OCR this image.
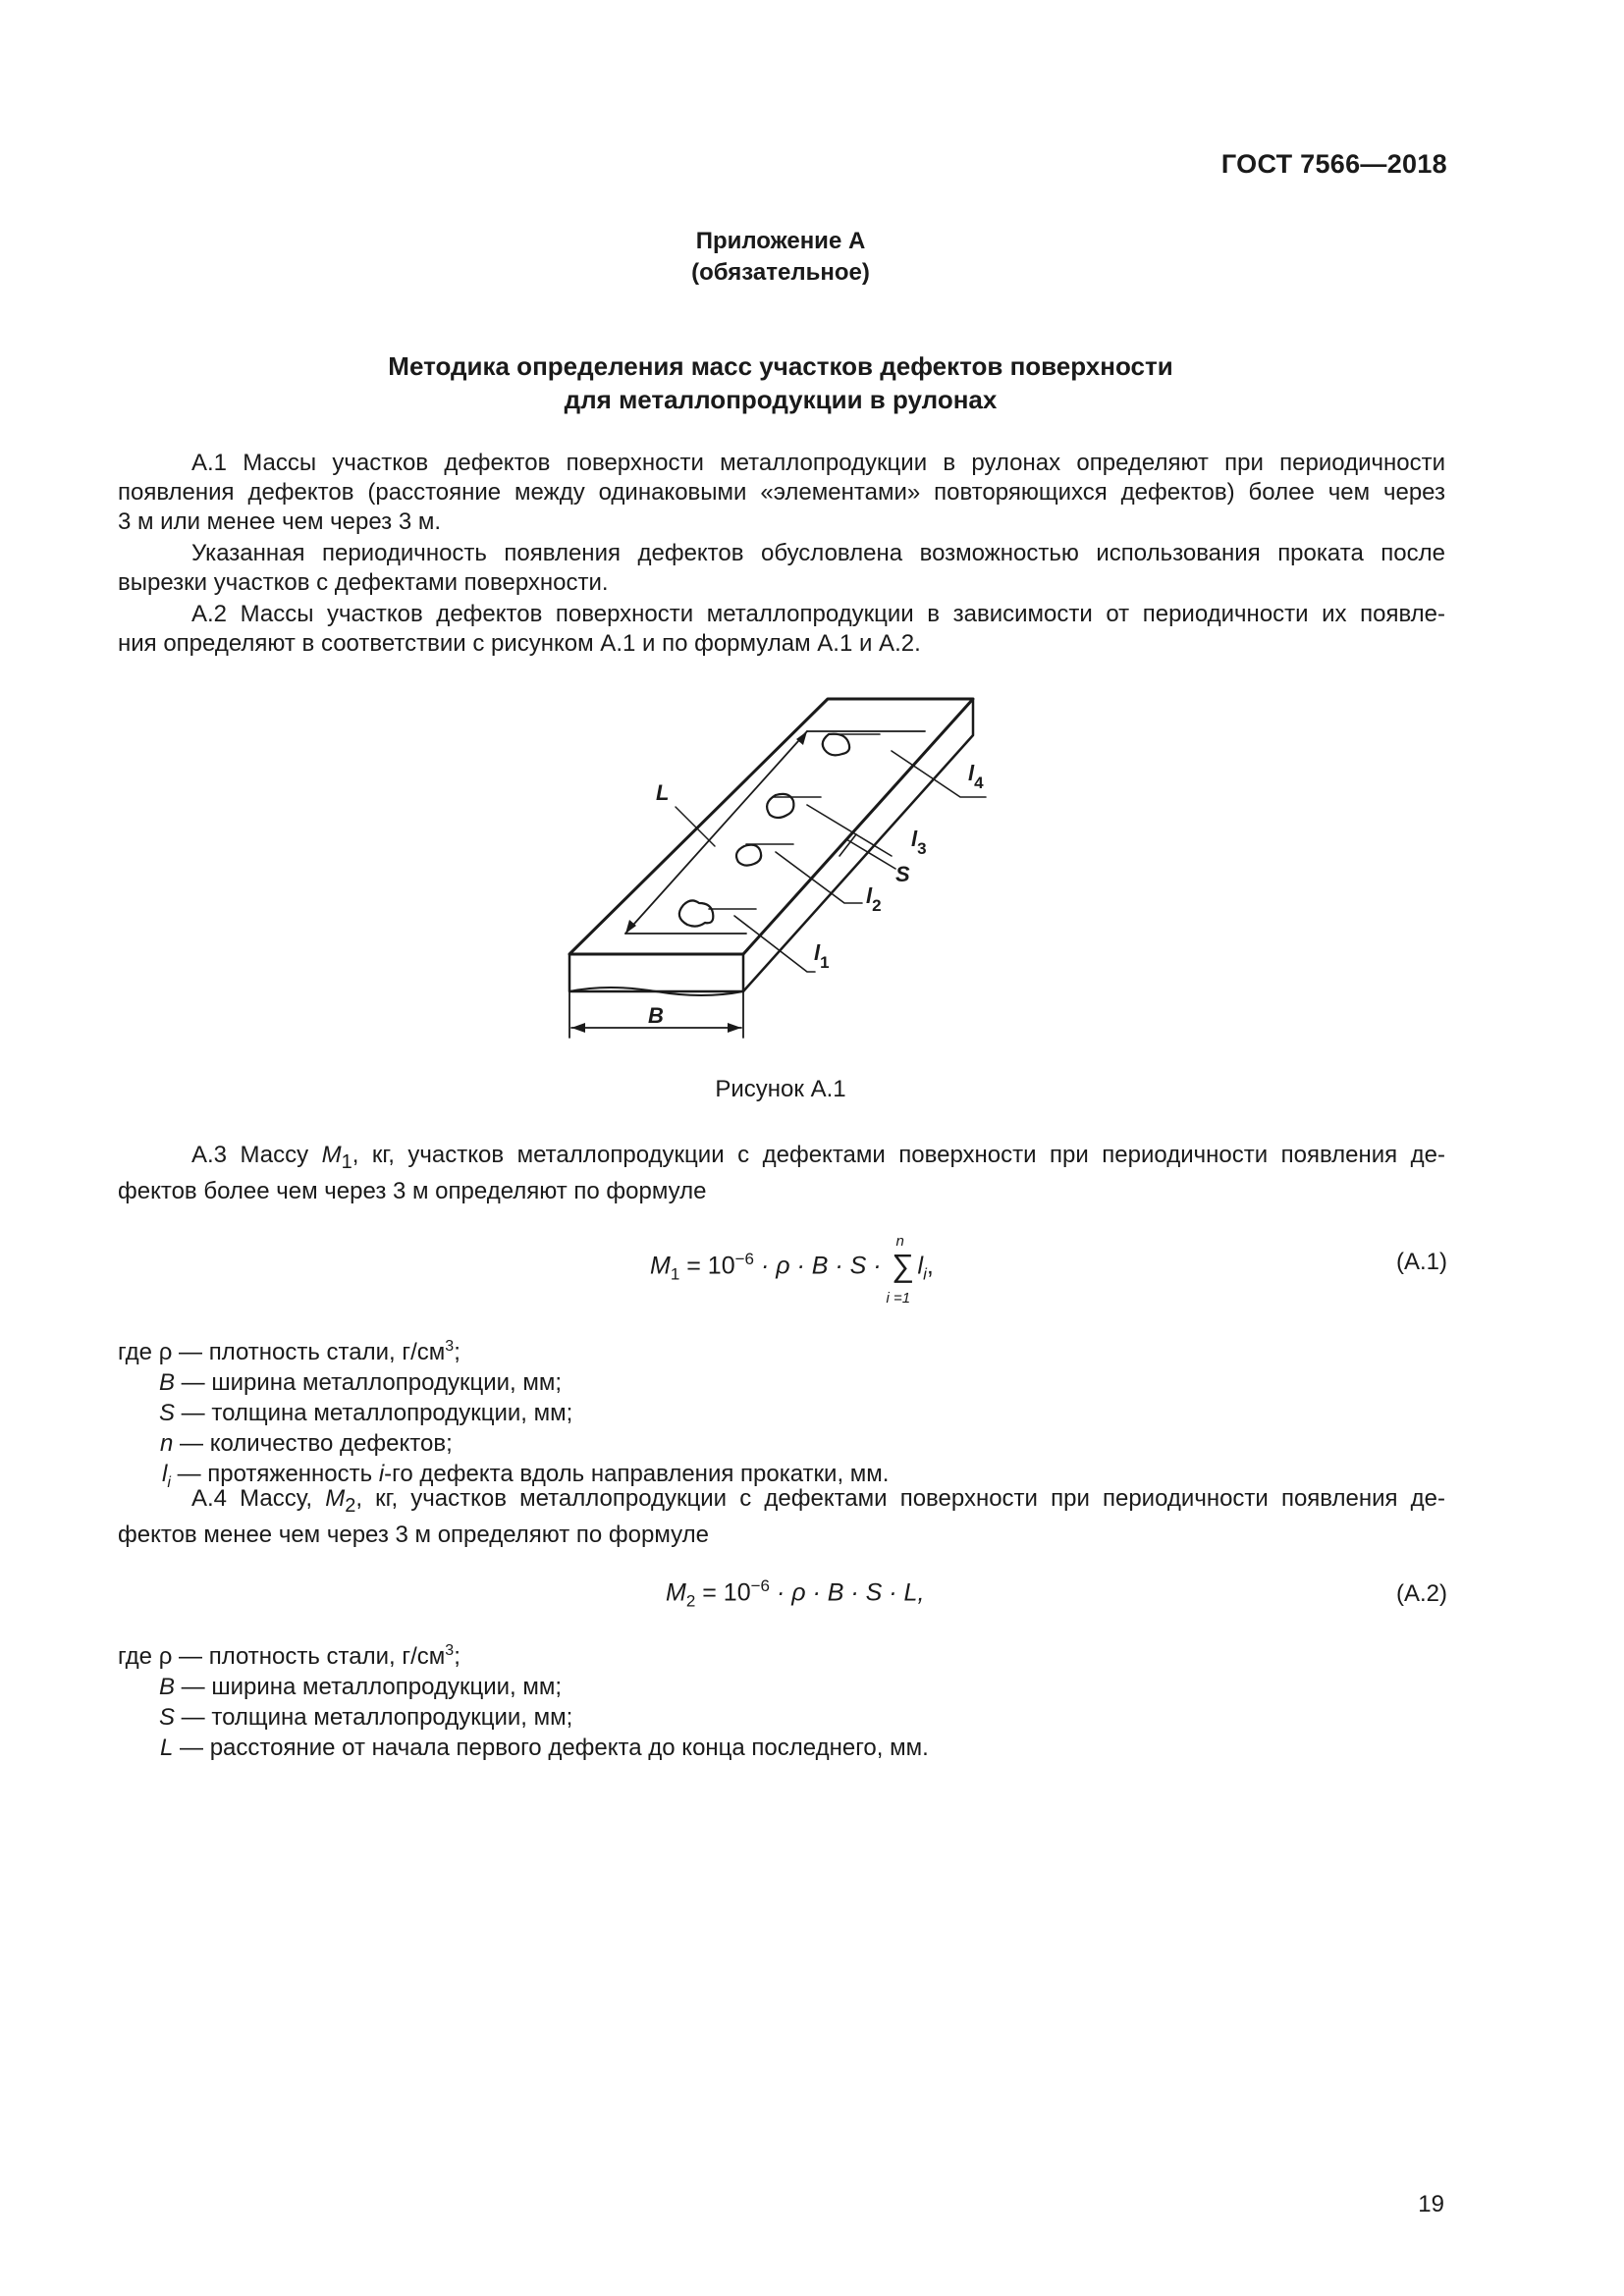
ГОСТ 7566—2018
Приложение А
(обязательное)
Методика определения масс участков дефектов поверхности
для металлопродукции в рулонах
А.1 Массы участков дефектов поверхности металлопродукции в рулонах определяют при периодичности
появления дефектов (расстояние между одинаковыми «элементами» повторяющихся дефектов) более чем через
3 м или менее чем через 3 м.
Указанная периодичность появления дефектов обусловлена возможностью использования проката после
вырезки участков с дефектами поверхности.
А.2 Массы участков дефектов поверхности металлопродукции в зависимости от периодичности их появле-
ния определяют в соответствии с рисунком А.1 и по формулам А.1 и А.2.
L
B
S
$l_1$
$l_2$
$l_3$
$l_4$
Рисунок А.1
А.3 Массу $M_1$, кг, участков металлопродукции с дефектами поверхности при периодичности появления де-
фектов более чем через 3 м определяют по формуле
$M_1 = 10^{-6} \cdot \rho \cdot B \cdot S$ ·
n
∑
i =1
$l_i$,	(А.1)
где ρ — плотность стали, $г/см^3$;
B — ширина металлопродукции, мм;
S — толщина металлопродукции, мм;
n — количество дефектов;
$l_i$ — протяженность i-го дефекта вдоль направления прокатки, мм.
А.4 Массу, $M_2$, кг, участков металлопродукции с дефектами поверхности при периодичности появления де-
фектов менее чем через 3 м определяют по формуле
$M_2 = 10^{-6} \cdot \rho \cdot B \cdot S \cdot L$,	(А.2)
где ρ — плотность стали, $г/см^3$;
B — ширина металлопродукции, мм;
S — толщина металлопродукции, мм;
L — расстояние от начала первого дефекта до конца последнего, мм.
19
